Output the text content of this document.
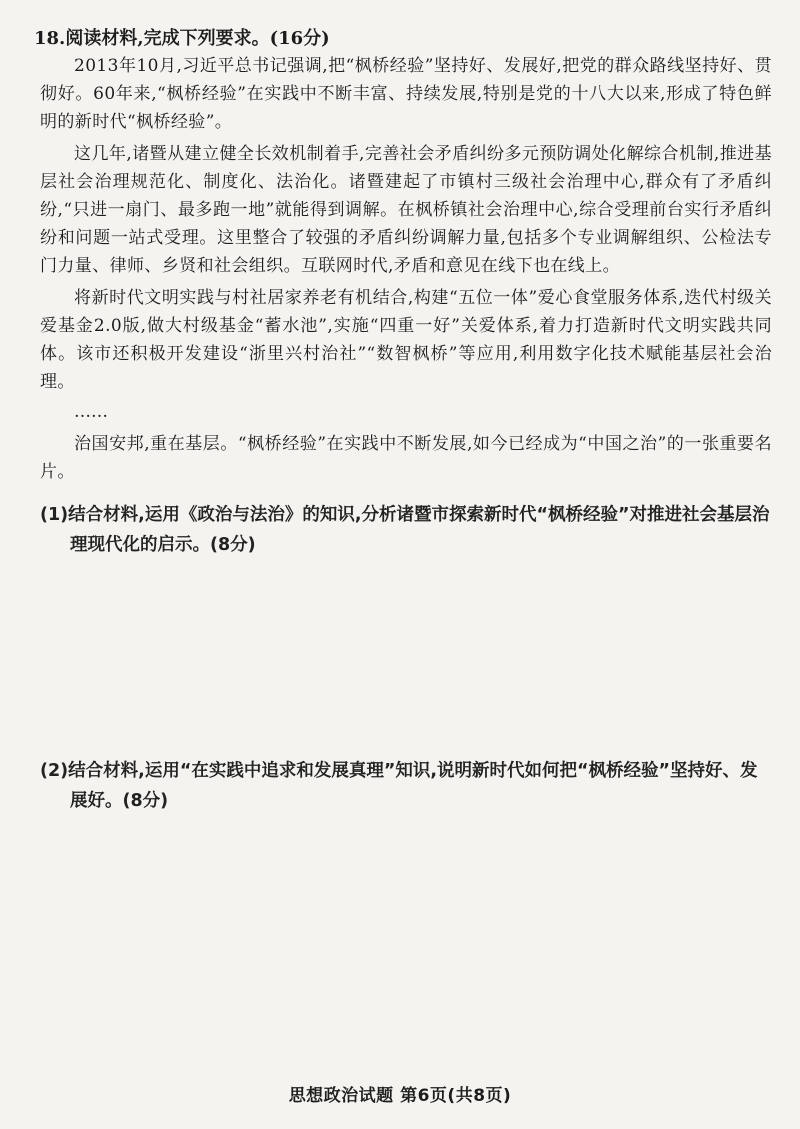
18.阅读材料,完成下列要求。(16分)

2013年10月,习近平总书记强调,把“枫桥经验”坚持好、发展好,把党的群众路线坚持好、贯彻好。60年来,“枫桥经验”在实践中不断丰富、持续发展,特别是党的十八大以来,形成了特色鲜明的新时代“枫桥经验”。

这几年,诸暨从建立健全长效机制着手,完善社会矛盾纠纷多元预防调处化解综合机制,推进基层社会治理规范化、制度化、法治化。诸暨建起了市镇村三级社会治理中心,群众有了矛盾纠纷,“只进一扇门、最多跑一地”就能得到调解。在枫桥镇社会治理中心,综合受理前台实行矛盾纠纷和问题一站式受理。这里整合了较强的矛盾纠纷调解力量,包括多个专业调解组织、公检法专门力量、律师、乡贤和社会组织。互联网时代,矛盾和意见在线下也在线上。

将新时代文明实践与村社居家养老有机结合,构建“五位一体”爱心食堂服务体系,迭代村级关爱基金2.0版,做大村级基金“蓄水池”,实施“四重一好”关爱体系,着力打造新时代文明实践共同体。该市还积极开发建设“浙里兴村治社”“数智枫桥”等应用,利用数字化技术赋能基层社会治理。

……

治国安邦,重在基层。“枫桥经验”在实践中不断发展,如今已经成为“中国之治”的一张重要名片。

(1)结合材料,运用《政治与法治》的知识,分析诸暨市探索新时代“枫桥经验”对推进社会基层治理现代化的启示。(8分)
(2)结合材料,运用“在实践中追求和发展真理”知识,说明新时代如何把“枫桥经验”坚持好、发展好。(8分)
思想政治试题 第6页(共8页)
